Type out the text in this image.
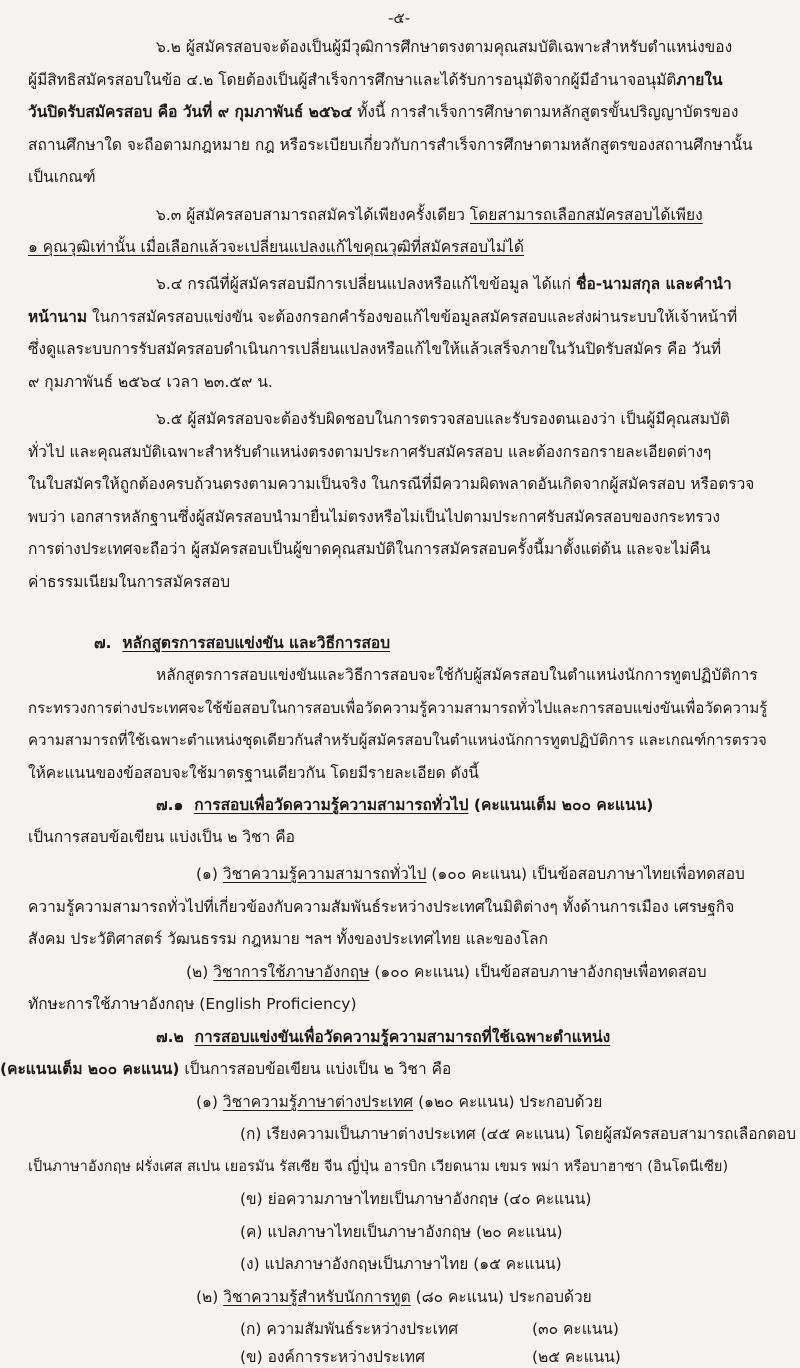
-๕-
๖.๒ ผู้สมัครสอบจะต้องเป็นผู้มีวุฒิการศึกษาตรงตามคุณสมบัติเฉพาะสำหรับตำแหน่งของ
ผู้มีสิทธิสมัครสอบในข้อ ๔.๒ โดยต้องเป็นผู้สำเร็จการศึกษาและได้รับการอนุมัติจากผู้มีอำนาจอนุมัติภายใน
วันปิดรับสมัครสอบ คือ วันที่ ๙ กุมภาพันธ์ ๒๕๖๔ ทั้งนี้ การสำเร็จการศึกษาตามหลักสูตรขั้นปริญญาบัตรของ
สถานศึกษาใด จะถือตามกฎหมาย กฎ หรือระเบียบเกี่ยวกับการสำเร็จการศึกษาตามหลักสูตรของสถานศึกษานั้น
เป็นเกณฑ์
๖.๓ ผู้สมัครสอบสามารถสมัครได้เพียงครั้งเดียว โดยสามารถเลือกสมัครสอบได้เพียง
๑ คุณวุฒิเท่านั้น เมื่อเลือกแล้วจะเปลี่ยนแปลงแก้ไขคุณวุฒิที่สมัครสอบไม่ได้
๖.๔ กรณีที่ผู้สมัครสอบมีการเปลี่ยนแปลงหรือแก้ไขข้อมูล ได้แก่ ชื่อ-นามสกุล และคำนำ
หน้านาม ในการสมัครสอบแข่งขัน จะต้องกรอกคำร้องขอแก้ไขข้อมูลสมัครสอบและส่งผ่านระบบให้เจ้าหน้าที่
ซึ่งดูแลระบบการรับสมัครสอบดำเนินการเปลี่ยนแปลงหรือแก้ไขให้แล้วเสร็จภายในวันปิดรับสมัคร คือ วันที่
๙ กุมภาพันธ์ ๒๕๖๔ เวลา ๒๓.๕๙ น.
๖.๕ ผู้สมัครสอบจะต้องรับผิดชอบในการตรวจสอบและรับรองตนเองว่า เป็นผู้มีคุณสมบัติ
ทั่วไป และคุณสมบัติเฉพาะสำหรับตำแหน่งตรงตามประกาศรับสมัครสอบ และต้องกรอกรายละเอียดต่างๆ
ในใบสมัครให้ถูกต้องครบถ้วนตรงตามความเป็นจริง ในกรณีที่มีความผิดพลาดอันเกิดจากผู้สมัครสอบ หรือตรวจ
พบว่า เอกสารหลักฐานซึ่งผู้สมัครสอบนำมายื่นไม่ตรงหรือไม่เป็นไปตามประกาศรับสมัครสอบของกระทรวง
การต่างประเทศจะถือว่า ผู้สมัครสอบเป็นผู้ขาดคุณสมบัติในการสมัครสอบครั้งนี้มาตั้งแต่ต้น และจะไม่คืน
ค่าธรรมเนียมในการสมัครสอบ
๗. หลักสูตรการสอบแข่งขัน และวิธีการสอบ
หลักสูตรการสอบแข่งขันและวิธีการสอบจะใช้กับผู้สมัครสอบในตำแหน่งนักการทูตปฏิบัติการ
กระทรวงการต่างประเทศจะใช้ข้อสอบในการสอบเพื่อวัดความรู้ความสามารถทั่วไปและการสอบแข่งขันเพื่อวัดความรู้
ความสามารถที่ใช้เฉพาะตำแหน่งชุดเดียวกันสำหรับผู้สมัครสอบในตำแหน่งนักการทูตปฏิบัติการ และเกณฑ์การตรวจ
ให้คะแนนของข้อสอบจะใช้มาตรฐานเดียวกัน โดยมีรายละเอียด ดังนี้
๗.๑ การสอบเพื่อวัดความรู้ความสามารถทั่วไป (คะแนนเต็ม ๒๐๐ คะแนน)
เป็นการสอบข้อเขียน แบ่งเป็น ๒ วิชา คือ
(๑) วิชาความรู้ความสามารถทั่วไป (๑๐๐ คะแนน) เป็นข้อสอบภาษาไทยเพื่อทดสอบ
ความรู้ความสามารถทั่วไปที่เกี่ยวข้องกับความสัมพันธ์ระหว่างประเทศในมิติต่างๆ ทั้งด้านการเมือง เศรษฐกิจ
สังคม ประวัติศาสตร์ วัฒนธรรม กฎหมาย ฯลฯ ทั้งของประเทศไทย และของโลก
(๒) วิชาการใช้ภาษาอังกฤษ (๑๐๐ คะแนน) เป็นข้อสอบภาษาอังกฤษเพื่อทดสอบ
ทักษะการใช้ภาษาอังกฤษ (English Proficiency)
๗.๒ การสอบแข่งขันเพื่อวัดความรู้ความสามารถที่ใช้เฉพาะตำแหน่ง
(คะแนนเต็ม ๒๐๐ คะแนน) เป็นการสอบข้อเขียน แบ่งเป็น ๒ วิชา คือ
(๑) วิชาความรู้ภาษาต่างประเทศ (๑๒๐ คะแนน) ประกอบด้วย
(ก) เรียงความเป็นภาษาต่างประเทศ (๔๕ คะแนน) โดยผู้สมัครสอบสามารถเลือกตอบ
เป็นภาษาอังกฤษ ฝรั่งเศส สเปน เยอรมัน รัสเซีย จีน ญี่ปุ่น อารบิก เวียดนาม เขมร พม่า หรือบาฮาซา (อินโดนีเซีย)
(ข) ย่อความภาษาไทยเป็นภาษาอังกฤษ (๔๐ คะแนน)
(ค) แปลภาษาไทยเป็นภาษาอังกฤษ (๒๐ คะแนน)
(ง) แปลภาษาอังกฤษเป็นภาษาไทย (๑๕ คะแนน)
(๒) วิชาความรู้สำหรับนักการทูต (๘๐ คะแนน) ประกอบด้วย
(ก) ความสัมพันธ์ระหว่างประเทศ	(๓๐ คะแนน)
(ข) องค์การระหว่างประเทศ	(๒๕ คะแนน)
